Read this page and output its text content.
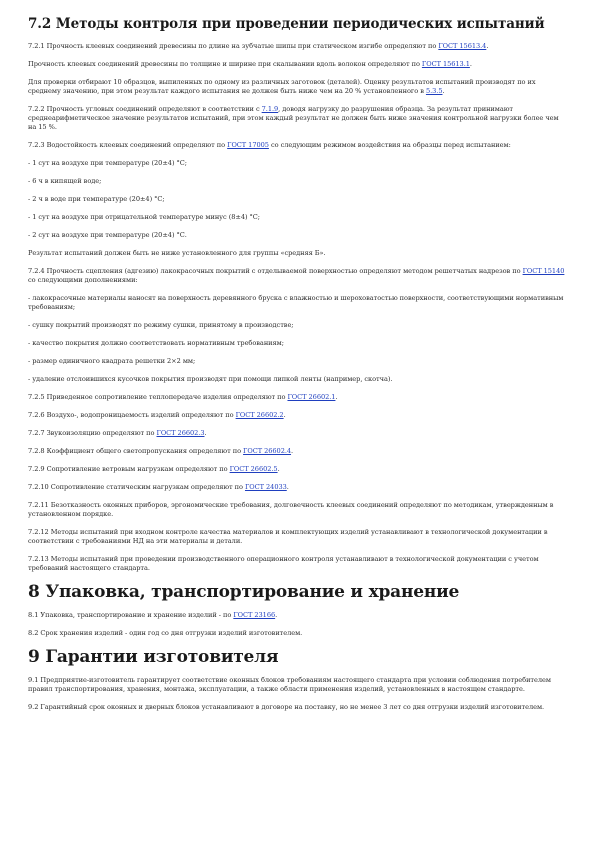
7.2 Методы контроля при проведении периодических испытаний

7.2.1 Прочность клеевых соединений древесины по длине на зубчатые шипы при статическом изгибе определяют по ГОСТ 15613.4.

Прочность клеевых соединений древесины по толщине и ширине при скалывании вдоль волокон определяют по ГОСТ 15613.1.

Для проверки отбирают 10 образцов, выпиленных по одному из различных заготовок (деталей). Оценку результатов испытаний производят по их среднему значению, при этом результат каждого испытания не должен быть ниже чем на 20 % установленного в 5.3.5.

7.2.2 Прочность угловых соединений определяют в соответствии с 7.1.9, доводя нагрузку до разрушения образца. За результат принимают среднеарифметическое значение результатов испытаний, при этом каждый результат не должен быть ниже значения контрольной нагрузки более чем на 15 %.

7.2.3 Водостойкость клеевых соединений определяют по ГОСТ 17005 со следующим режимом воздействия на образцы перед испытанием:

- 1 сут на воздухе при температуре (20±4) °С;

- 6 ч в кипящей воде;

- 2 ч в воде при температуре (20±4) °С;

- 1 сут на воздухе при отрицательной температуре минус (8±4) °С;

- 2 сут на воздухе при температуре (20±4) °С.

Результат испытаний должен быть не ниже установленного для группы «средняя Б».

7.2.4 Прочность сцепления (адгезию) лакокрасочных покрытий с отделываемой поверхностью определяют методом решетчатых надрезов по ГОСТ 15140 со следующими дополнениями:

- лакокрасочные материалы наносят на поверхность деревянного бруска с влажностью и шероховатостью поверхности, соответствующими нормативным требованиям;

- сушку покрытий производят по режиму сушки, принятому в производстве;

- качество покрытия должно соответствовать нормативным требованиям;

- размер единичного квадрата решетки 2×2 мм;

- удаление отслоившихся кусочков покрытия производят при помощи липкой ленты (например, скотча).

7.2.5 Приведенное сопротивление теплопередаче изделия определяют по ГОСТ 26602.1.

7.2.6 Воздухо-, водопроницаемость изделий определяют по ГОСТ 26602.2.

7.2.7 Звукоизоляцию определяют по ГОСТ 26602.3.

7.2.8 Коэффициент общего светопропускания определяют по ГОСТ 26602.4.

7.2.9 Сопротивление ветровым нагрузкам определяют по ГОСТ 26602.5.

7.2.10 Сопротивление статическим нагрузкам определяют по ГОСТ 24033.

7.2.11 Безотказность оконных приборов, эргономические требования, долговечность клеевых соединений определяют по методикам, утвержденным в установленном порядке.

7.2.12 Методы испытаний при входном контроле качества материалов и комплектующих изделий устанавливают в технологической документации в соответствии с требованиями НД на эти материалы и детали.

7.2.13 Методы испытаний при проведении производственного операционного контроля устанавливают в технологической документации с учетом требований настоящего стандарта.

8 Упаковка, транспортирование и хранение

8.1 Упаковка, транспортирование и хранение изделий - по ГОСТ 23166.

8.2 Срок хранения изделий - один год со дня отгрузки изделий изготовителем.

9 Гарантии изготовителя

9.1 Предприятие-изготовитель гарантирует соответствие оконных блоков требованиям настоящего стандарта при условии соблюдения потребителем правил транспортирования, хранения, монтажа, эксплуатации, а также области применения изделий, установленных в настоящем стандарте.

9.2 Гарантийный срок оконных и дверных блоков устанавливают в договоре на поставку, но не менее 3 лет со дня отгрузки изделий изготовителем.
